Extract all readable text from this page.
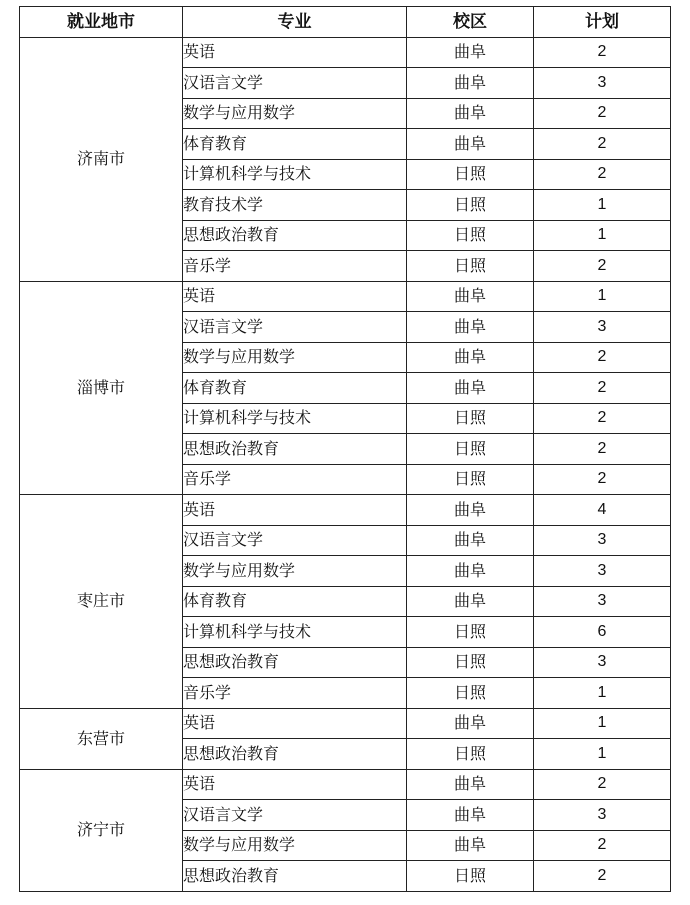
就业地市	专业	校区	计划
济南市	英语	曲阜	2
	汉语言文学	曲阜	3
	数学与应用数学	曲阜	2
	体育教育	曲阜	2
	计算机科学与技术	日照	2
	教育技术学	日照	1
	思想政治教育	日照	1
	音乐学	日照	2
淄博市	英语	曲阜	1
	汉语言文学	曲阜	3
	数学与应用数学	曲阜	2
	体育教育	曲阜	2
	计算机科学与技术	日照	2
	思想政治教育	日照	2
	音乐学	日照	2
枣庄市	英语	曲阜	4
	汉语言文学	曲阜	3
	数学与应用数学	曲阜	3
	体育教育	曲阜	3
	计算机科学与技术	日照	6
	思想政治教育	日照	3
	音乐学	日照	1
东营市	英语	曲阜	1
	思想政治教育	日照	1
济宁市	英语	曲阜	2
	汉语言文学	曲阜	3
	数学与应用数学	曲阜	2
	思想政治教育	日照	2
